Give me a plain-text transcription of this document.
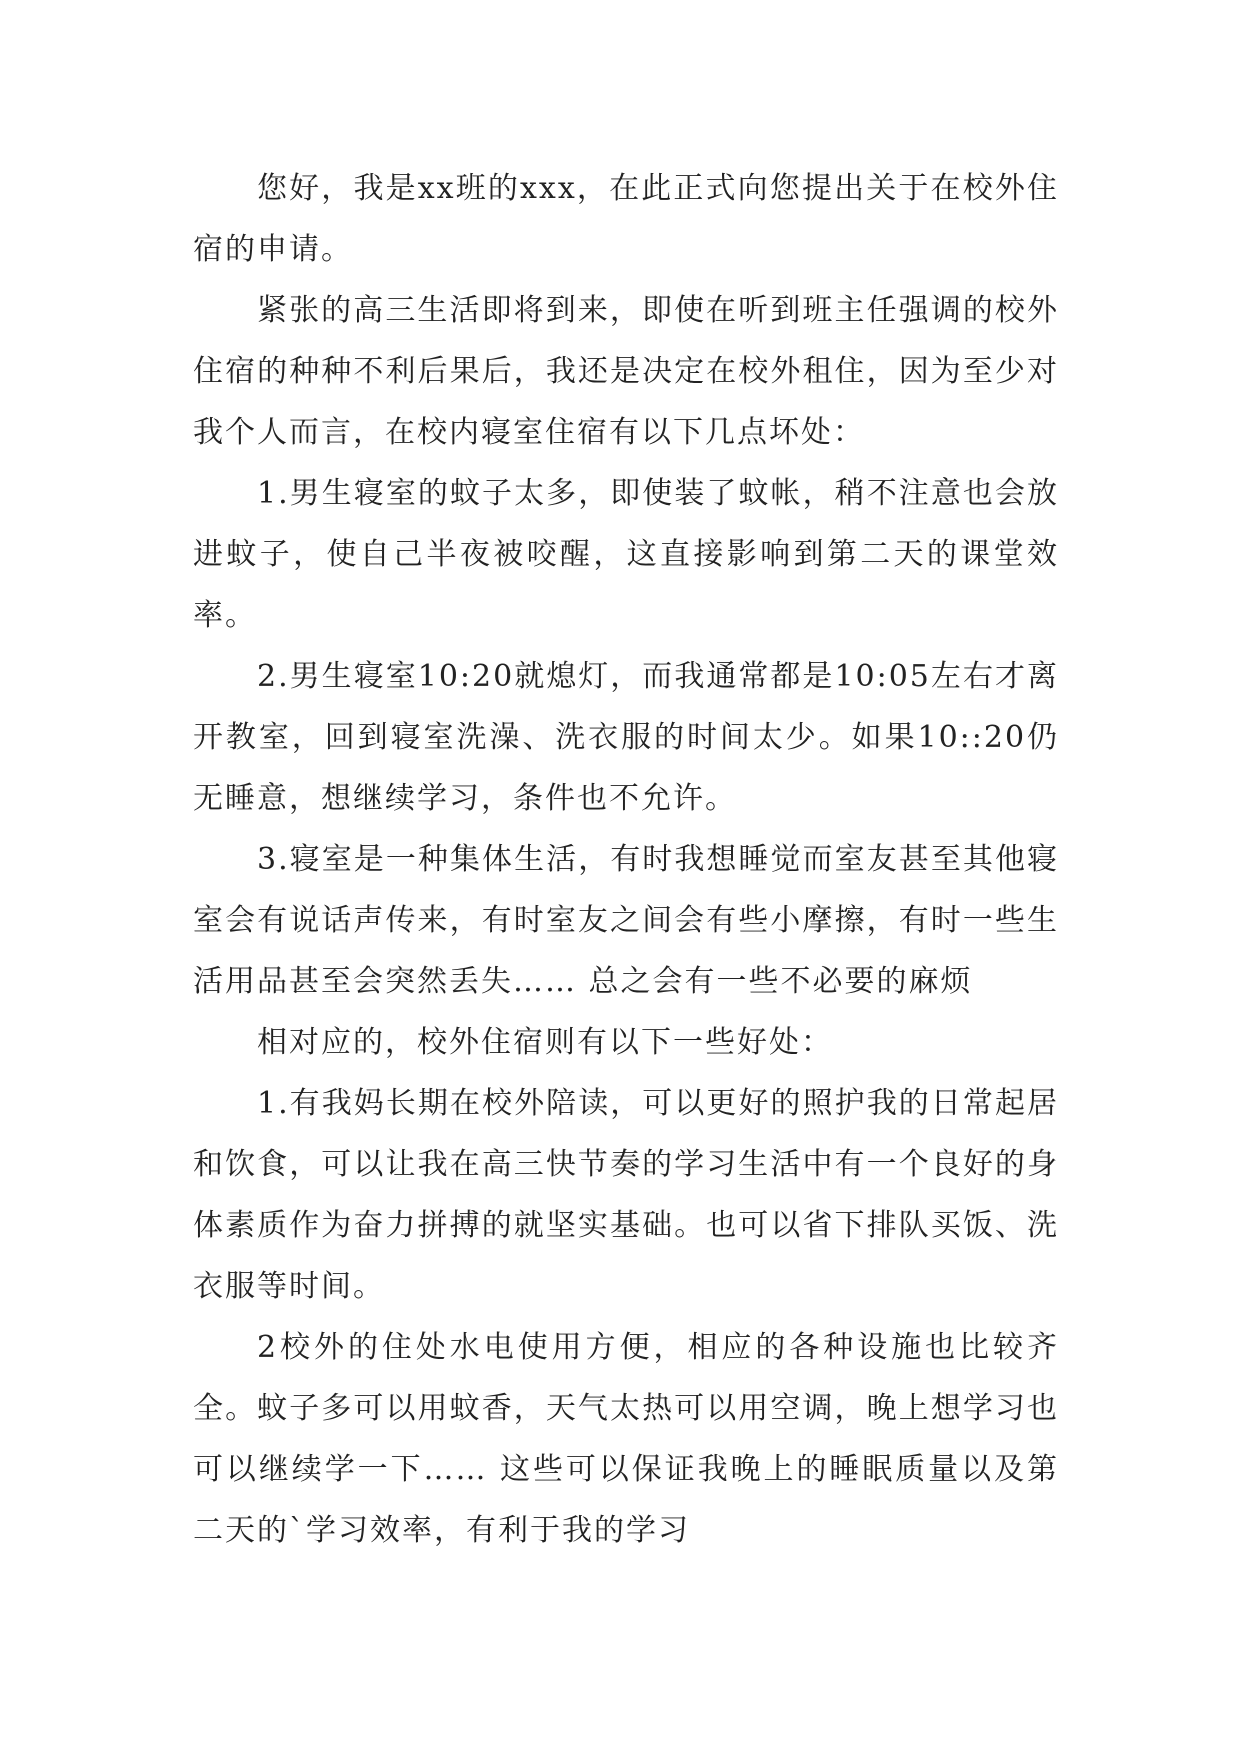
您好，我是xx班的xxx，在此正式向您提出关于在校外住宿的申请。

紧张的高三生活即将到来，即使在听到班主任强调的校外住宿的种种不利后果后，我还是决定在校外租住，因为至少对我个人而言，在校内寝室住宿有以下几点坏处：

1.男生寝室的蚊子太多，即使装了蚊帐，稍不注意也会放进蚊子，使自己半夜被咬醒，这直接影响到第二天的课堂效率。

2.男生寝室10:20就熄灯，而我通常都是10:05左右才离开教室，回到寝室洗澡、洗衣服的时间太少。如果10::20仍无睡意，想继续学习，条件也不允许。

3.寝室是一种集体生活，有时我想睡觉而室友甚至其他寝室会有说话声传来，有时室友之间会有些小摩擦，有时一些生活用品甚至会突然丢失…… 总之会有一些不必要的麻烦

相对应的，校外住宿则有以下一些好处：

1.有我妈长期在校外陪读，可以更好的照护我的日常起居和饮食，可以让我在高三快节奏的学习生活中有一个良好的身体素质作为奋力拼搏的就坚实基础。也可以省下排队买饭、洗衣服等时间。

2校外的住处水电使用方便，相应的各种设施也比较齐全。蚊子多可以用蚊香，天气太热可以用空调，晚上想学习也可以继续学一下…… 这些可以保证我晚上的睡眠质量以及第二天的`学习效率，有利于我的学习
